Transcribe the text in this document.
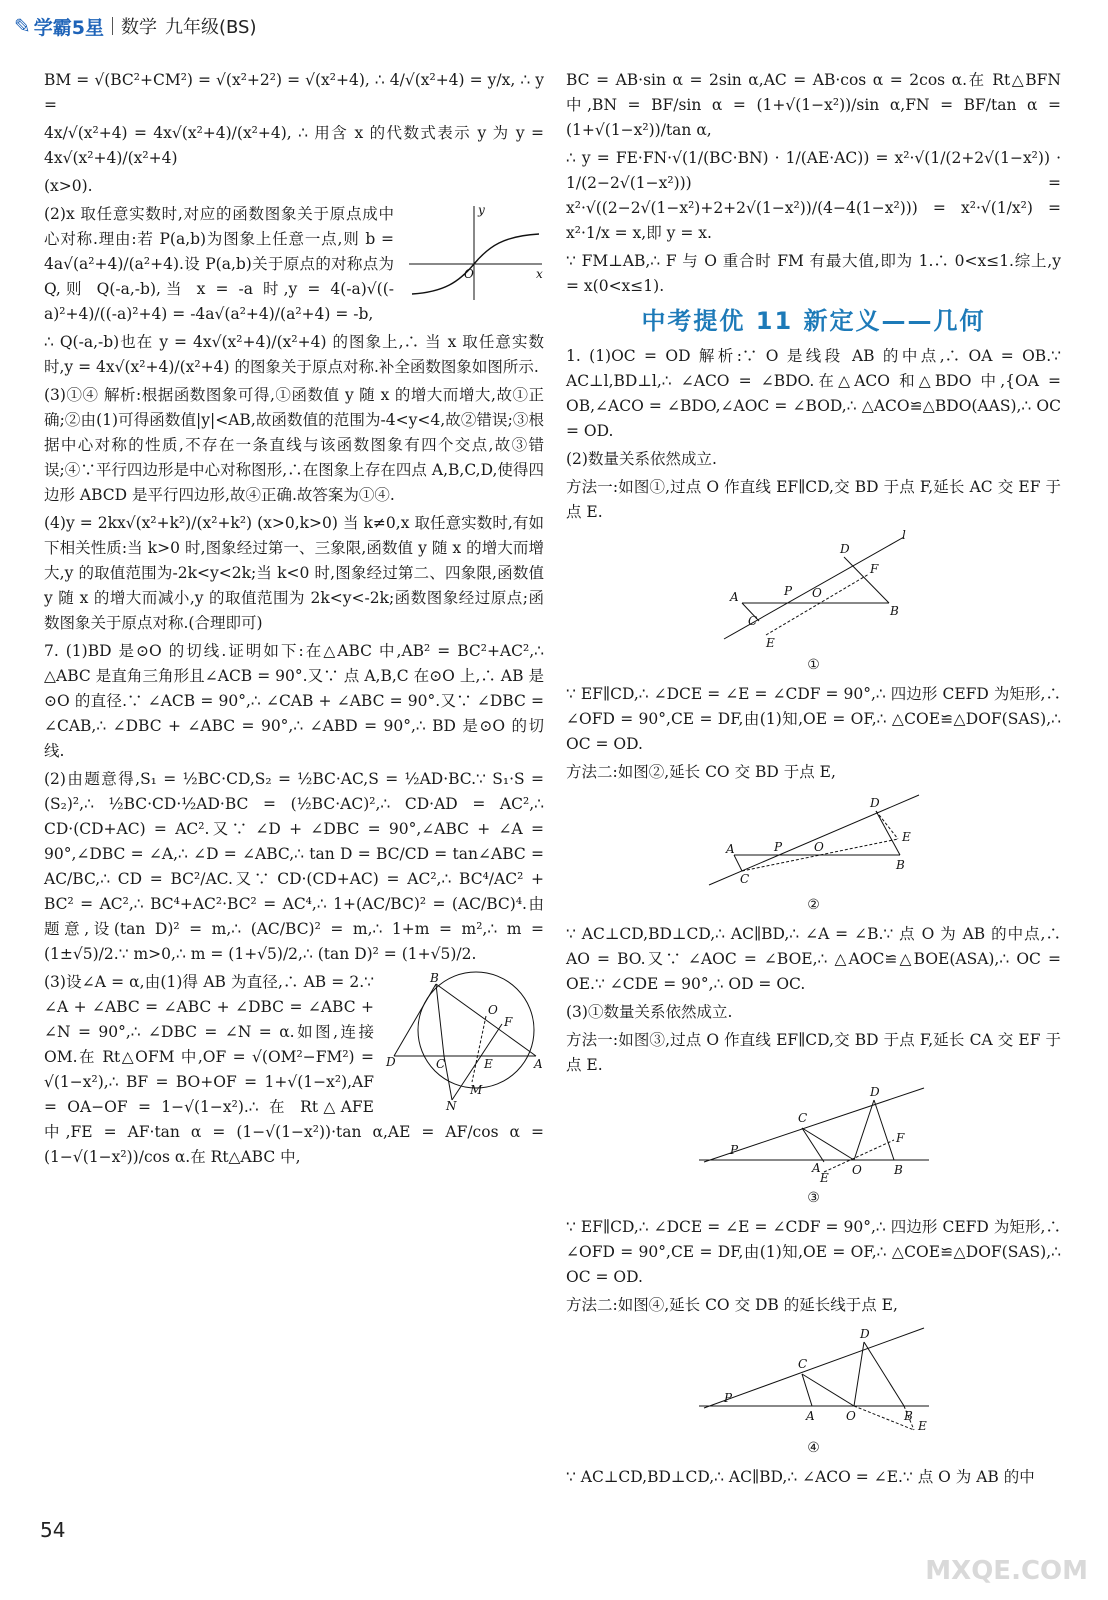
✎ 学霸5星 数学 九年级(BS)

BM = √(BC²+CM²) = √(x²+2²) = √(x²+4), ∴ 4/√(x²+4) = y/x, ∴ y =

4x/√(x²+4) = 4x√(x²+4)/(x²+4), ∴ 用含 x 的代数式表示 y 为 y = 4x√(x²+4)/(x²+4)

(x>0).

y
x
O

(2)x 取任意实数时,对应的函数图象关于原点成中心对称.理由:若 P(a,b)为图象上任意一点,则 b = 4a√(a²+4)/(a²+4).设 P(a,b)关于原点的对称点为 Q,则 Q(-a,-b),当 x = -a 时,y = 4(-a)√((-a)²+4)/((-a)²+4) = -4a√(a²+4)/(a²+4) = -b,

∴ Q(-a,-b)也在 y = 4x√(x²+4)/(x²+4) 的图象上,∴ 当 x 取任意实数时,y = 4x√(x²+4)/(x²+4) 的图象关于原点对称.补全函数图象如图所示.

(3)①④ 解析:根据函数图象可得,①函数值 y 随 x 的增大而增大,故①正确;②由(1)可得函数值|y|<AB,故函数值的范围为-4<y<4,故②错误;③根据中心对称的性质,不存在一条直线与该函数图象有四个交点,故③错误;④∵平行四边形是中心对称图形,∴在图象上存在四点 A,B,C,D,使得四边形 ABCD 是平行四边形,故④正确.故答案为①④.

(4)y = 2kx√(x²+k²)/(x²+k²) (x>0,k>0) 当 k≠0,x 取任意实数时,有如下相关性质:当 k>0 时,图象经过第一、三象限,函数值 y 随 x 的增大而增大,y 的取值范围为-2k<y<2k;当 k<0 时,图象经过第二、四象限,函数值 y 随 x 的增大而减小,y 的取值范围为 2k<y<-2k;函数图象经过原点;函数图象关于原点对称.(合理即可)

7. (1)BD 是⊙O 的切线.证明如下:在△ABC 中,AB² = BC²+AC²,∴ △ABC 是直角三角形且∠ACB = 90°.又∵ 点 A,B,C 在⊙O 上,∴ AB 是⊙O 的直径.∵ ∠ACB = 90°,∴ ∠CAB + ∠ABC = 90°.又∵ ∠DBC = ∠CAB,∴ ∠DBC + ∠ABC = 90°,∴ ∠ABD = 90°,∴ BD 是⊙O 的切线.

(2)由题意得,S₁ = ½BC·CD,S₂ = ½BC·AC,S = ½AD·BC.∵ S₁·S = (S₂)²,∴ ½BC·CD·½AD·BC = (½BC·AC)²,∴ CD·AD = AC²,∴ CD·(CD+AC) = AC².又∵ ∠D + ∠DBC = 90°,∠ABC + ∠A = 90°,∠DBC = ∠A,∴ ∠D = ∠ABC,∴ tan D = BC/CD = tan∠ABC = AC/BC,∴ CD = BC²/AC.又∵ CD·(CD+AC) = AC²,∴ BC⁴/AC² + BC² = AC²,∴ BC⁴+AC²·BC² = AC⁴,∴ 1+(AC/BC)² = (AC/BC)⁴.由题意,设(tan D)² = m,∴ (AC/BC)² = m,∴ 1+m = m²,∴ m = (1±√5)/2.∵ m>0,∴ m = (1+√5)/2,∴ (tan D)² = (1+√5)/2.

B
O
F
D	C	E	A
M
N

(3)设∠A = α,由(1)得 AB 为直径,∴ AB = 2.∵ ∠A + ∠ABC = ∠ABC + ∠DBC = ∠ABC + ∠N = 90°,∴ ∠DBC = ∠N = α.如图,连接 OM.在 Rt△OFM 中,OF = √(OM²−FM²) = √(1−x²),∴ BF = BO+OF = 1+√(1−x²),AF = OA−OF = 1−√(1−x²).∴ 在 Rt△AFE 中,FE = AF·tan α = (1−√(1−x²))·tan α,AE = AF/cos α = (1−√(1−x²))/cos α.在 Rt△ABC 中,

BC = AB·sin α = 2sin α,AC = AB·cos α = 2cos α.在 Rt△BFN 中,BN = BF/sin α = (1+√(1−x²))/sin α,FN = BF/tan α = (1+√(1−x²))/tan α,

∴ y = FE·FN·√(1/(BC·BN) · 1/(AE·AC)) = x²·√(1/(2+2√(1−x²)) · 1/(2−2√(1−x²))) = x²·√((2−2√(1−x²)+2+2√(1−x²))/(4−4(1−x²))) = x²·√(1/x²) = x²·1/x = x,即 y = x.

∵ FM⊥AB,∴ F 与 O 重合时 FM 有最大值,即为 1.∴ 0<x≤1.综上,y = x(0<x≤1).

中考提优 11 新定义——几何

1. (1)OC = OD 解析:∵ O 是线段 AB 的中点,∴ OA = OB.∵ AC⊥l,BD⊥l,∴ ∠ACO = ∠BDO.在△ACO 和△BDO 中,{OA = OB,∠ACO = ∠BDO,∠AOC = ∠BOD,∴ △ACO≌△BDO(AAS),∴ OC = OD.

(2)数量关系依然成立.

方法一:如图①,过点 O 作直线 EF∥CD,交 BD 于点 F,延长 AC 交 EF 于点 E.

A
C
P O
D
F
B
E
l
①

∵ EF∥CD,∴ ∠DCE = ∠E = ∠CDF = 90°,∴ 四边形 CEFD 为矩形,∴ ∠OFD = 90°,CE = DF,由(1)知,OE = OF,∴ △COE≌△DOF(SAS),∴ OC = OD.

方法二:如图②,延长 CO 交 BD 于点 E,

A
C
P	O
D
E
B
②

∵ AC⊥CD,BD⊥CD,∴ AC∥BD,∴ ∠A = ∠B.∵ 点 O 为 AB 的中点,∴ AO = BO.又∵ ∠AOC = ∠BOE,∴ △AOC≌△BOE(ASA),∴ OC = OE.∵ ∠CDE = 90°,∴ OD = OC.

(3)①数量关系依然成立.

方法一:如图③,过点 O 作直线 EF∥CD,交 BD 于点 F,延长 CA 交 EF 于点 E.

P
C
D
F
A
E
O	B
③

∵ EF∥CD,∴ ∠DCE = ∠E = ∠CDF = 90°,∴ 四边形 CEFD 为矩形,∴ ∠OFD = 90°,CE = DF,由(1)知,OE = OF,∴ △COE≌△DOF(SAS),∴ OC = OD.

方法二:如图④,延长 CO 交 DB 的延长线于点 E,

P
C
D
A	O	B
E
④

∵ AC⊥CD,BD⊥CD,∴ AC∥BD,∴ ∠ACO = ∠E.∵ 点 O 为 AB 的中

54
MXQE.COM
